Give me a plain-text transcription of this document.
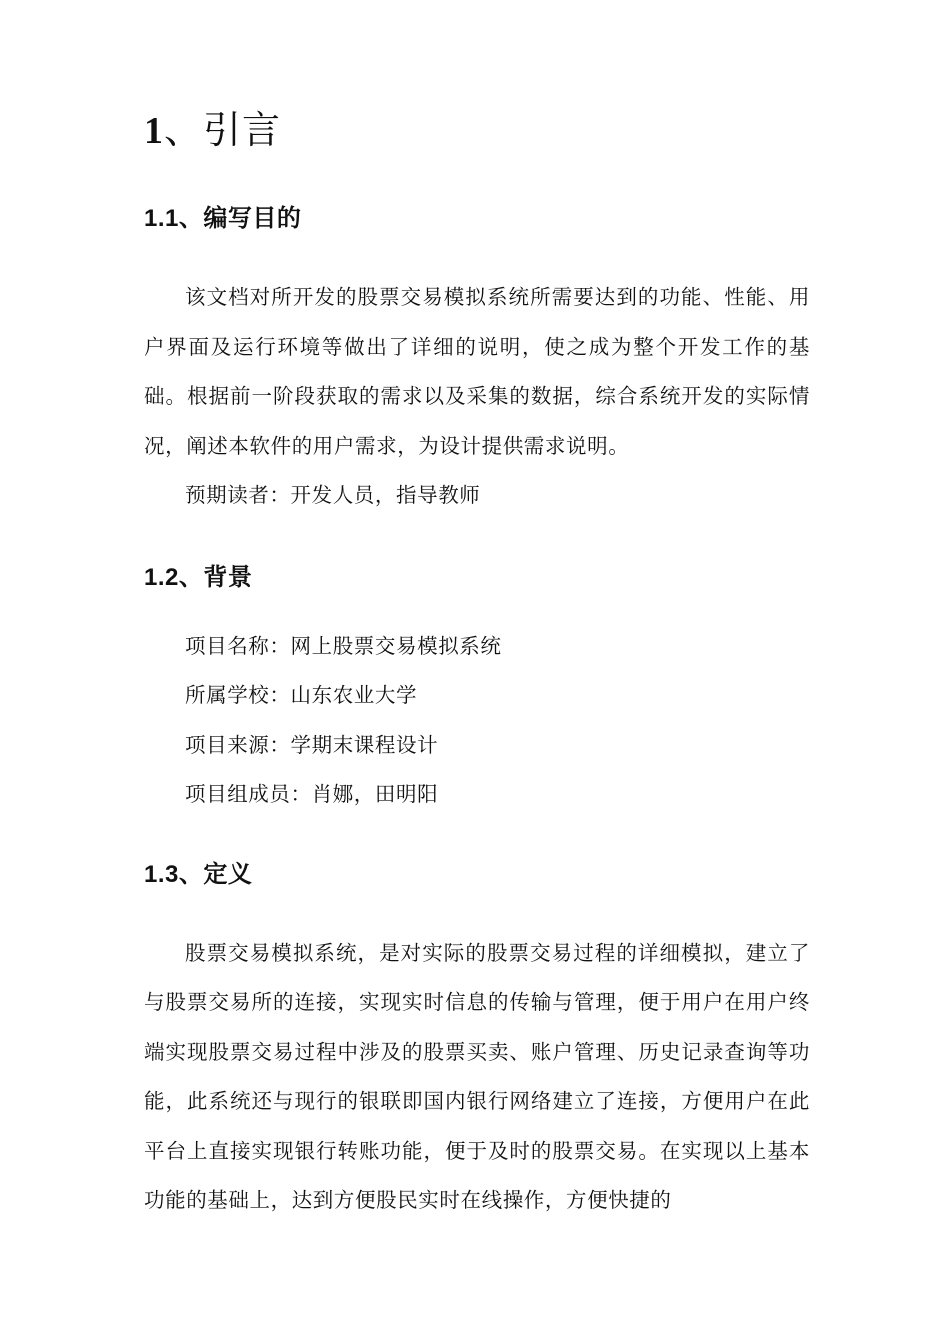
1、引言
1.1、编写目的

该文档对所开发的股票交易模拟系统所需要达到的功能、性能、用户界面及运行环境等做出了详细的说明，使之成为整个开发工作的基础。根据前一阶段获取的需求以及采集的数据，综合系统开发的实际情况，阐述本软件的用户需求，为设计提供需求说明。

预期读者：开发人员，指导教师

1.2、背景
项目名称：网上股票交易模拟系统
所属学校：山东农业大学
项目来源：学期末课程设计
项目组成员：肖娜，田明阳
1.3、定义

股票交易模拟系统，是对实际的股票交易过程的详细模拟，建立了与股票交易所的连接，实现实时信息的传输与管理，便于用户在用户终端实现股票交易过程中涉及的股票买卖、账户管理、历史记录查询等功能，此系统还与现行的银联即国内银行网络建立了连接，方便用户在此平台上直接实现银行转账功能，便于及时的股票交易。在实现以上基本功能的基础上，达到方便股民实时在线操作，方便快捷的
